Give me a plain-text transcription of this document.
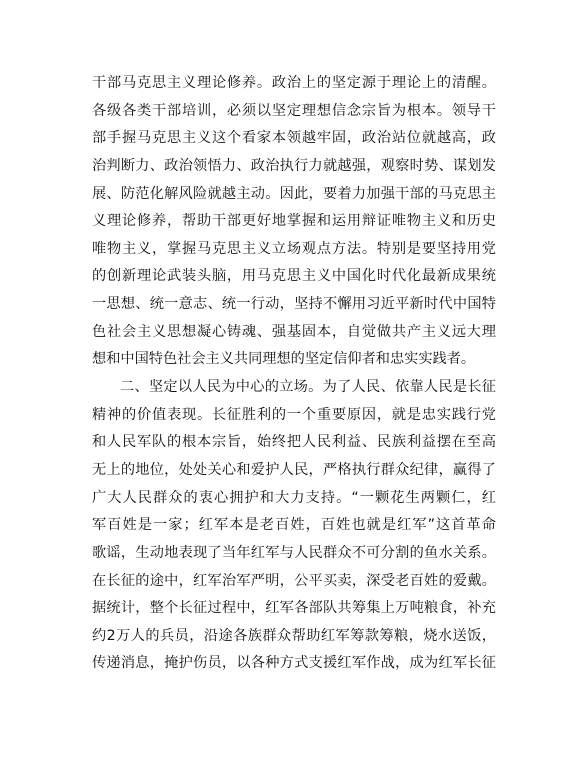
干部马克思主义理论修养。政治上的坚定源于理论上的清醒。
各级各类干部培训，必须以坚定理想信念宗旨为根本。领导干
部手握马克思主义这个看家本领越牢固，政治站位就越高，政
治判断力、政治领悟力、政治执行力就越强，观察时势、谋划发
展、防范化解风险就越主动。因此，要着力加强干部的马克思主
义理论修养，帮助干部更好地掌握和运用辩证唯物主义和历史
唯物主义，掌握马克思主义立场观点方法。特别是要坚持用党
的创新理论武装头脑，用马克思主义中国化时代化最新成果统
一思想、统一意志、统一行动，坚持不懈用习近平新时代中国特
色社会主义思想凝心铸魂、强基固本，自觉做共产主义远大理
想和中国特色社会主义共同理想的坚定信仰者和忠实实践者。
二、坚定以人民为中心的立场。为了人民、依靠人民是长征
精神的价值表现。长征胜利的一个重要原因，就是忠实践行党
和人民军队的根本宗旨，始终把人民利益、民族利益摆在至高
无上的地位，处处关心和爱护人民，严格执行群众纪律，赢得了
广大人民群众的衷心拥护和大力支持。“一颗花生两颗仁，红
军百姓是一家；红军本是老百姓，百姓也就是红军”这首革命
歌谣，生动地表现了当年红军与人民群众不可分割的鱼水关系。
在长征的途中，红军治军严明，公平买卖，深受老百姓的爱戴。
据统计，整个长征过程中，红军各部队共筹集上万吨粮食，补充
约2万人的兵员，沿途各族群众帮助红军筹款筹粮，烧水送饭，
传递消息，掩护伤员，以各种方式支援红军作战，成为红军长征
